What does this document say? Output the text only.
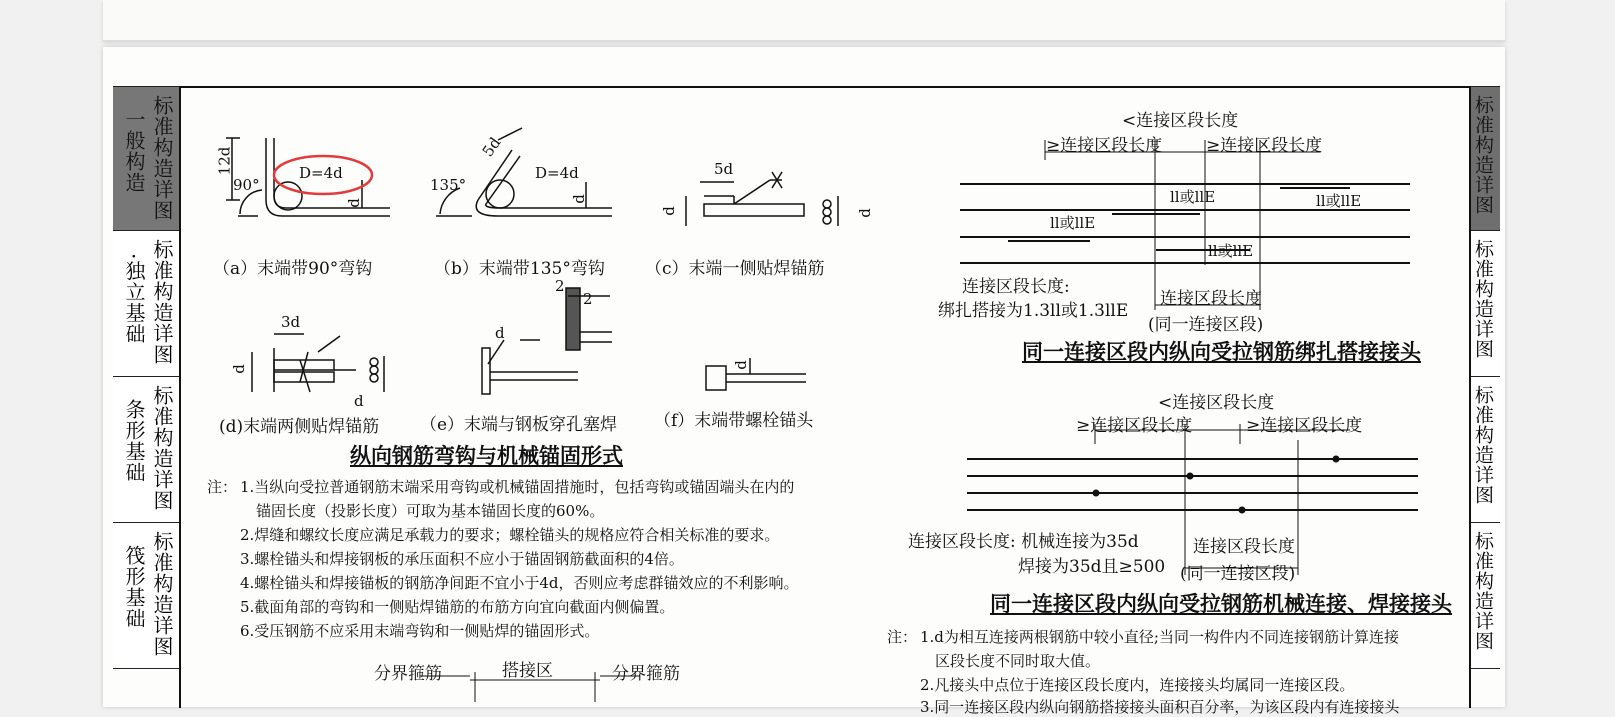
标准构造详图
一般构造
标准构造详图
·独立基础
标准构造详图
条形基础
标准构造详图
筏形基础
标准构造详图
标准构造详图
标准构造详图
标准构造详图
12d
90°
D=4d
d
135°
5d
D=4d
d
5d
d	d
3d
d
d
d
2
2
d
（a）末端带90°弯钩	（b）末端带135°弯钩 （c）末端一侧贴焊锚筋
(d)末端两侧贴焊锚筋 （e）末端与钢板穿孔塞焊 （f）末端带螺栓锚头
纵向钢筋弯钩与机械锚固形式
注： 1.当纵向受拉普通钢筋末端采用弯钩或机械锚固措施时，包括弯钩或锚固端头在内的
锚固长度（投影长度）可取为基本锚固长度的60%。
2.焊缝和螺纹长度应满足承载力的要求；螺栓锚头的规格应符合相关标准的要求。
3.螺栓锚头和焊接钢板的承压面积不应小于锚固钢筋截面积的4倍。
4.螺栓锚头和焊接锚板的钢筋净间距不宜小于4d，否则应考虑群锚效应的不利影响。
5.截面角部的弯钩和一侧贴焊锚筋的布筋方向宜向截面内侧偏置。
6.受压钢筋不应采用末端弯钩和一侧贴焊的锚固形式。
分界箍筋	搭接区	分界箍筋
<连接区段长度
≥连接区段长度	≥连接区段长度
ll或llE	ll或llE
ll或llE
ll或llE
连接区段长度:
绑扎搭接为1.3ll或1.3llE
连接区段长度
(同一连接区段)
同一连接区段内纵向受拉钢筋绑扎搭接接头
<连接区段长度
≥连接区段长度	≥连接区段长度
连接区段长度: 机械连接为35d
焊接为35d且≥500
连接区段长度
(同一连接区段)
同一连接区段内纵向受拉钢筋机械连接、焊接接头
注： 1.d为相互连接两根钢筋中较小直径;当同一构件内不同连接钢筋计算连接
区段长度不同时取大值。
2.凡接头中点位于连接区段长度内，连接接头均属同一连接区段。
3.同一连接区段内纵向钢筋搭接接头面积百分率，为该区段内有连接接头
